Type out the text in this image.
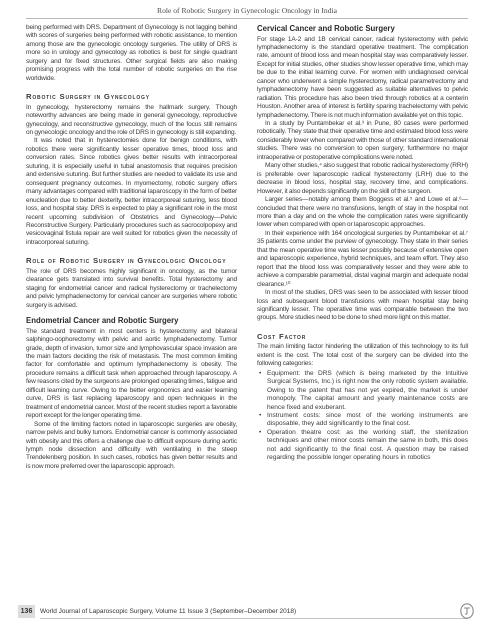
Role of Robotic Surgery in Gynecologic Oncology in India

being performed with DRS. Department of Gynecology is not lagging behind with scores of surgeries being performed with robotic assistance, to mention among those are the gynecologic oncology surgeries. The utility of DRS is more so in urology and gynecology as robotics is best for single quadrant surgery and for fixed structures. Other surgical fields are also making promising progress with the total number of robotic surgeries on the rise worldwide.

Robotic Surgery in Gynecology

In gynecology, hysterectomy remains the hallmark surgery. Though noteworthy advances are being made in general gynecology, reproductive gynecology, and reconstructive gynecology, much of the focus still remains on gynecologic oncology and the role of DRS in gynecology is still expanding.

It was noted that in hysterectomies done for benign conditions, with robotics there were significantly lesser operative times, blood loss and conversion rates. Since robotics gives better results with intracorporeal suturing, it is especially useful in tubal anastomosis that requires precision and extensive suturing. But further studies are needed to validate its use and consequent pregnancy outcomes. In myomectomy, robotic surgery offers many advantages compared with traditional laparoscopy in the form of better enucleation due to better dexterity, better intracorporeal suturing, less blood loss, and hospital stay. DRS is expected to play a significant role in the most recent upcoming subdivision of Obstetrics and Gynecology—Pelvic Reconstructive Surgery. Particularly procedures such as sacrocolpopexy and vesicovaginal fistula repair are well suited for robotics given the necessity of intracorporeal suturing.

Role of Robotic Surgery in Gynecologic Oncology

The role of DRS becomes highly significant in oncology, as the tumor clearance gets translated into survival benefits. Total hysterectomy and staging for endometrial cancer and radical hysterectomy or trachelectomy and pelvic lymphadenectomy for cervical cancer are surgeries where robotic surgery is advised.

Endometrial Cancer and Robotic Surgery

The standard treatment in most centers is hysterectomy and bilateral salphingo-oophorectomy with pelvic and aortic lymphadenectomy. Tumor grade, depth of invasion, tumor size and lymphovascular space invasion are the main factors deciding the risk of metastasis. The most common limiting factor for comfortable and optimum lymphadenectomy is obesity. The procedure remains a difficult task when approached through laparoscopy. A few reasons cited by the surgeons are prolonged operating times, fatigue and difficult learning curve. Owing to the better ergonomics and easier learning curve, DRS is fast replacing laparoscopy and open techniques in the treatment of endometrial cancer. Most of the recent studies report a favorable report except for the longer operating time.

Some of the limiting factors noted in laparoscopic surgeries are obesity, narrow pelvis and bulky tumors. Endometrial cancer is commonly associated with obesity and this offers a challenge due to difficult exposure during aortic lymph node dissection and difficulty with ventilating in the steep Trendelenberg position. In such cases, robotics has given better results and is now more preferred over the laparoscopic approach.

Cervical Cancer and Robotic Surgery

For stage 1A-2 and 1B cervical cancer, radical hysterectomy with pelvic lymphadenectomy is the standard operative treatment. The complication rate, amount of blood loss and mean hospital stay was comparatively lesser. Except for initial studies, other studies show lesser operative time, which may be due to the initial learning curve. For women with undiagnosed cervical cancer who underwent a simple hysterectomy, radical parametrectomy and lymphadenectomy have been suggested as suitable alternatives to pelvic radiation. This procedure has also been tried through robotics at a centerin Houston. Another area of interest is fertility sparing trachelectomy with pelvic lymphadenectomy. There is not much information available yet on this topic.

In a study by Puntambekar et al.³ in Pune, 80 cases were performed robotically. They state that their operative time and estimated blood loss were considerably lower when compared with those of other standard international studies. There was no conversion to open surgery; furthermore no major intraoperative or postoperative complications were noted.

Many other studies,⁴ also suggest that robotic radical hysterectomy (RRH) is preferable over laparoscopic radical hysterectomy (LRH) due to the decrease in blood loss, hospital stay, recovery time, and complications. However, it also depends significantly on the skill of the surgeon.

Larger series—notably among them Boggess et al.⁵ and Lowe et al.⁶—concluded that there were no transfusions, length of stay in the hospital not more than a day and on the whole the complication rates were significantly lower when compared with open or laparoscopic approaches.

In their experience with 164 oncological surgeries by Puntambekar et al.⁷ 35 patients come under the purview of gynecology. They state in their series that the mean operative time was lesser possibly because of extensive open and laparoscopic experience, hybrid techniques, and team effort. They also report that the blood loss was comparatively lesser and they were able to achieve a comparable parametrial, distal vaginal margin and adequate nodal clearance.¹⁰

In most of the studies, DRS was seen to be associated with lesser blood loss and subsequent blood transfusions with mean hospital stay being significantly lesser. The operative time was comparable between the two groups. More studies need to be done to shed more light on this matter.

Cost Factor

The main limiting factor hindering the utilization of this technology to its full extent is the cost. The total cost of the surgery can be divided into the following categories:

• Equipment: the DRS (which is being marketed by the Intuitive Surgical Systems, Inc.) is right now the only robotic system available. Owing to the patent that has not yet expired, the market is under monopoly. The capital amount and yearly maintenance costs are hence fixed and exuberant.
• Instrument costs: since most of the working instruments are disposable, they add significantly to the final cost.
• Operation theatre cost: as the working staff, the sterilization techniques and other minor costs remain the same in both, this does not add significantly to the final cost. A question may be raised regarding the possible longer operating hours in robotics
136	World Journal of Laparoscopic Surgery, Volume 11 Issue 3 (September–December 2018)
